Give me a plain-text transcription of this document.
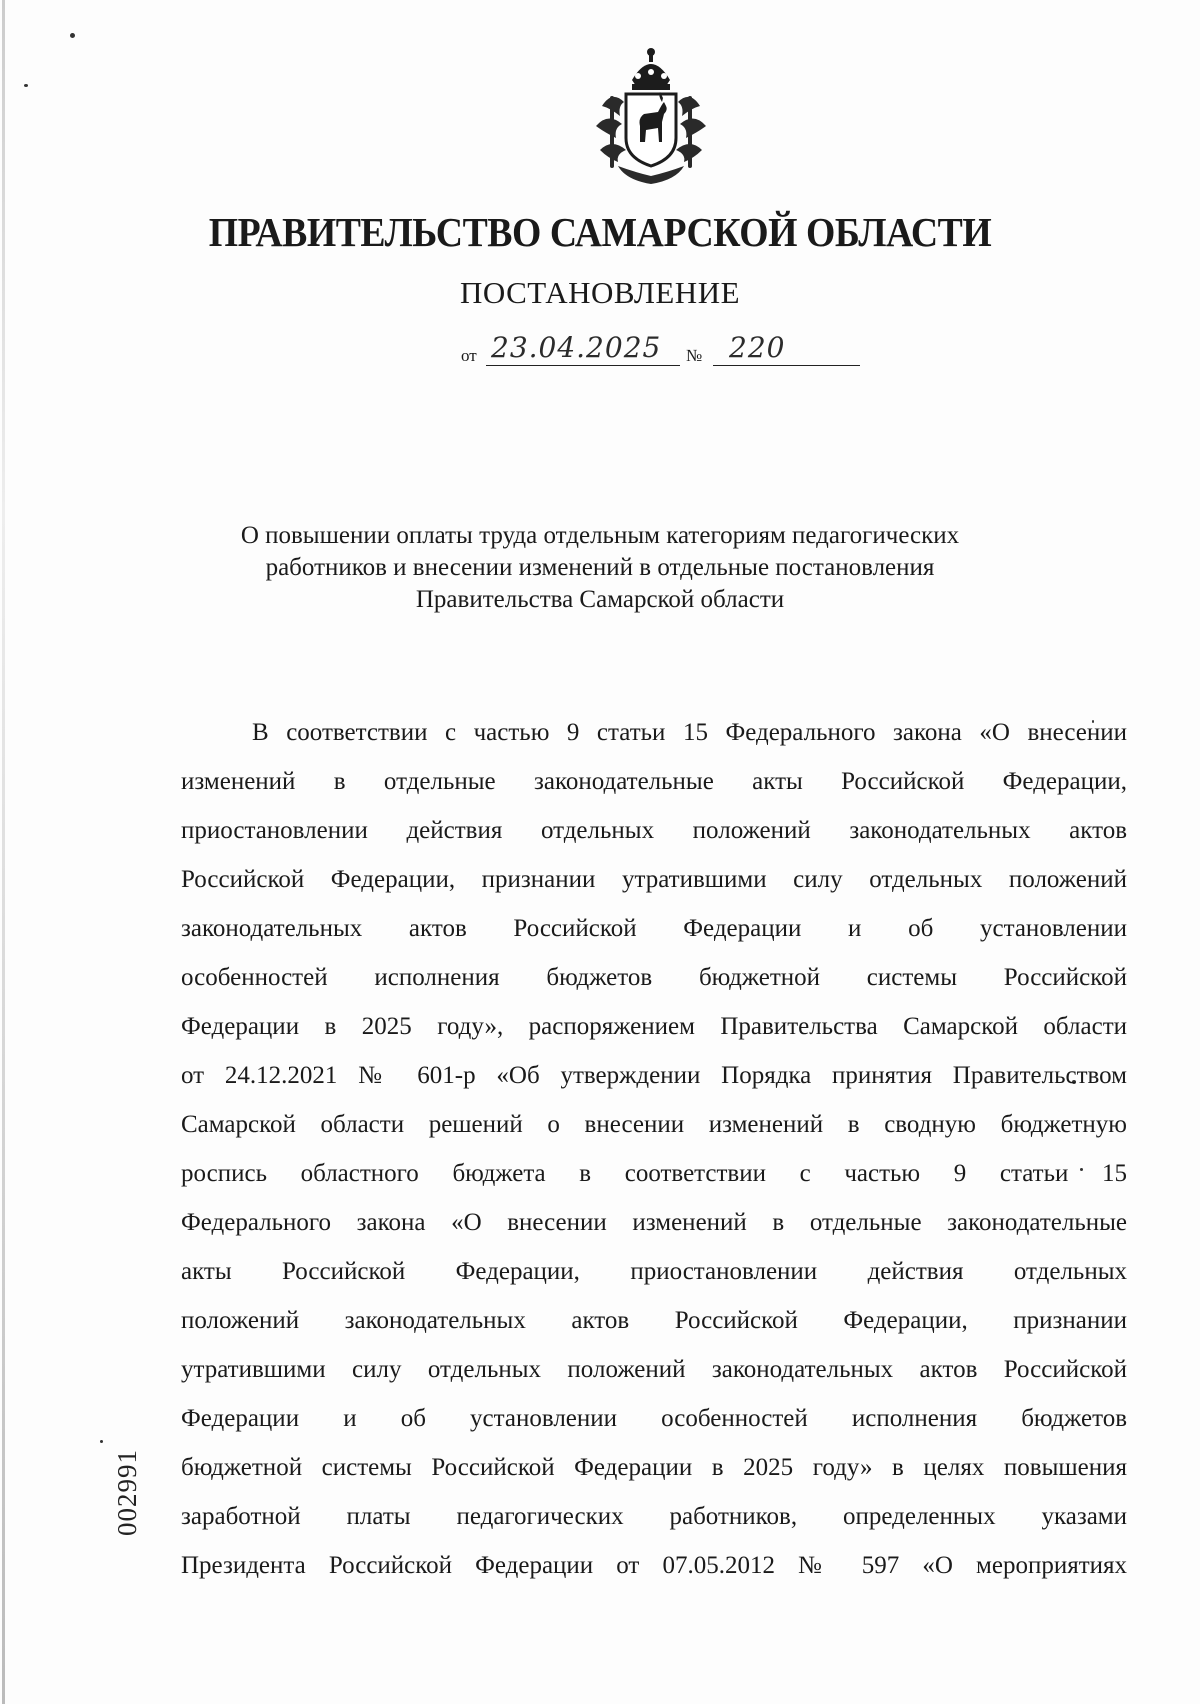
ПРАВИТЕЛЬСТВО САМАРСКОЙ ОБЛАСТИ
ПОСТАНОВЛЕНИЕ
от 23.04.2025 № 220
О повышении оплаты труда отдельным категориям педагогических
работников и внесении изменений в отдельные постановления
Правительства Самарской области
В соответствии с частью 9 статьи 15 Федерального закона «О внесении
изменений в отдельные законодательные акты Российской Федерации,
приостановлении действия отдельных положений законодательных актов
Российской Федерации, признании утратившими силу отдельных положений
законодательных актов Российской Федерации и об установлении
особенностей исполнения бюджетов бюджетной системы Российской
Федерации в 2025 году», распоряжением Правительства Самарской области
от 24.12.2021 № 601-р «Об утверждении Порядка принятия Правительством
Самарской области решений о внесении изменений в сводную бюджетную
роспись областного бюджета в соответствии с частью 9 статьи 15
Федерального закона «О внесении изменений в отдельные законодательные
акты Российской Федерации, приостановлении действия отдельных
положений законодательных актов Российской Федерации, признании
утратившими силу отдельных положений законодательных актов Российской
Федерации и об установлении особенностей исполнения бюджетов
бюджетной системы Российской Федерации в 2025 году» в целях повышения
заработной платы педагогических работников, определенных указами
Президента Российской Федерации от 07.05.2012 № 597 «О мероприятиях
002991
